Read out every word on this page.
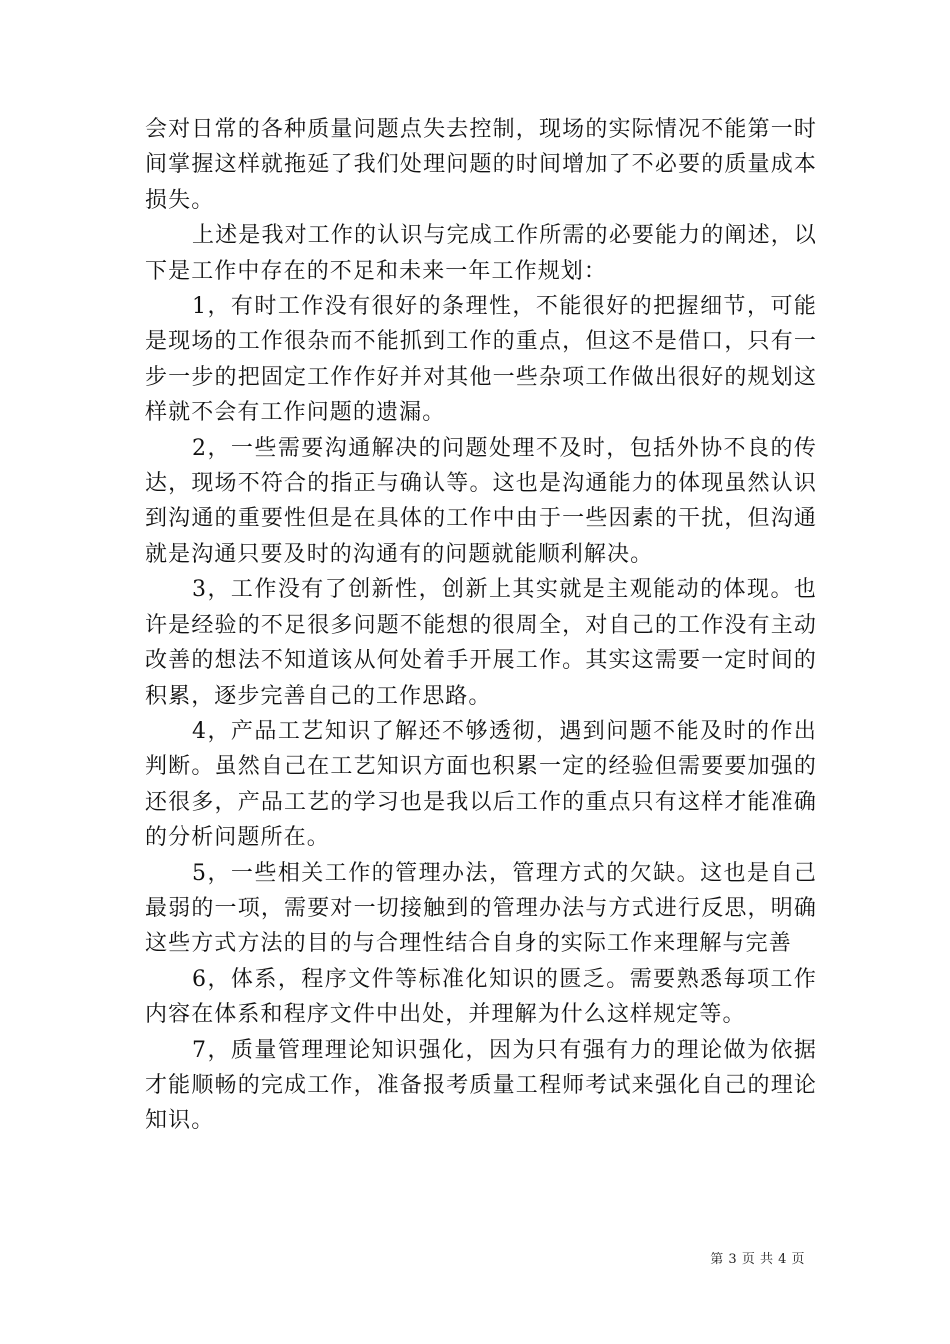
会对日常的各种质量问题点失去控制，现场的实际情况不能第一时间掌握这样就拖延了我们处理问题的时间增加了不必要的质量成本损失。

上述是我对工作的认识与完成工作所需的必要能力的阐述，以下是工作中存在的不足和未来一年工作规划：

1，有时工作没有很好的条理性，不能很好的把握细节，可能是现场的工作很杂而不能抓到工作的重点，但这不是借口，只有一步一步的把固定工作作好并对其他一些杂项工作做出很好的规划这样就不会有工作问题的遗漏。

2，一些需要沟通解决的问题处理不及时，包括外协不良的传达，现场不符合的指正与确认等。这也是沟通能力的体现虽然认识到沟通的重要性但是在具体的工作中由于一些因素的干扰，但沟通就是沟通只要及时的沟通有的问题就能顺利解决。

3，工作没有了创新性，创新上其实就是主观能动的体现。也许是经验的不足很多问题不能想的很周全，对自己的工作没有主动改善的想法不知道该从何处着手开展工作。其实这需要一定时间的积累，逐步完善自己的工作思路。

4，产品工艺知识了解还不够透彻，遇到问题不能及时的作出判断。虽然自己在工艺知识方面也积累一定的经验但需要要加强的还很多，产品工艺的学习也是我以后工作的重点只有这样才能准确的分析问题所在。

5，一些相关工作的管理办法，管理方式的欠缺。这也是自己最弱的一项，需要对一切接触到的管理办法与方式进行反思，明确这些方式方法的目的与合理性结合自身的实际工作来理解与完善

6，体系，程序文件等标准化知识的匮乏。需要熟悉每项工作内容在体系和程序文件中出处，并理解为什么这样规定等。

7，质量管理理论知识强化，因为只有强有力的理论做为依据才能顺畅的完成工作，准备报考质量工程师考试来强化自己的理论知识。

第 3 页 共 4 页
